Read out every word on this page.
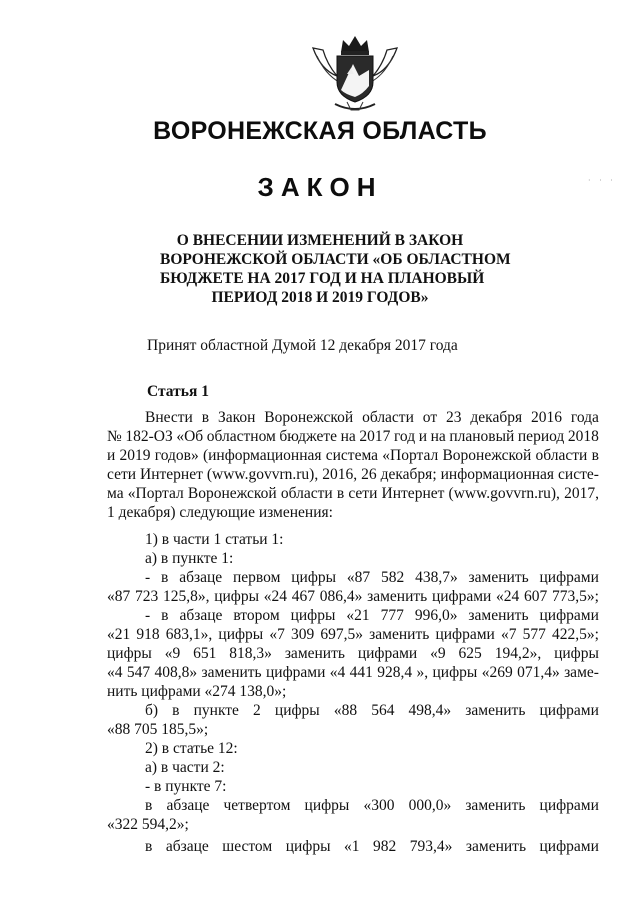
ВОРОНЕЖСКАЯ ОБЛАСТЬ
ЗАКОН	· · ·
О ВНЕСЕНИИ ИЗМЕНЕНИЙ В ЗАКОН
ВОРОНЕЖСКОЙ ОБЛАСТИ «ОБ ОБЛАСТНОМ
БЮДЖЕТЕ НА 2017 ГОД И НА ПЛАНОВЫЙ
ПЕРИОД 2018 И 2019 ГОДОВ»
Принят областной Думой 12 декабря 2017 года
Статья 1
Внести в Закон Воронежской области от 23 декабря 2016 года
№ 182-ОЗ «Об областном бюджете на 2017 год и на плановый период 2018
и 2019 годов» (информационная система «Портал Воронежской области в
сети Интернет (www.govvrn.ru), 2016, 26 декабря; информационная систе-
ма «Портал Воронежской области в сети Интернет (www.govvrn.ru), 2017,
1 декабря) следующие изменения:
1) в части 1 статьи 1:
а) в пункте 1:
- в абзаце первом цифры «87 582 438,7» заменить цифрами
«87 723 125,8», цифры «24 467 086,4» заменить цифрами «24 607 773,5»;
- в абзаце втором цифры «21 777 996,0» заменить цифрами
«21 918 683,1», цифры «7 309 697,5» заменить цифрами «7 577 422,5»;
цифры «9 651 818,3» заменить цифрами «9 625 194,2», цифры
«4 547 408,8» заменить цифрами «4 441 928,4 », цифры «269 071,4» заме-
нить цифрами «274 138,0»;
б) в пункте 2 цифры «88 564 498,4» заменить цифрами
«88 705 185,5»;
2) в статье 12:
а) в части 2:
- в пункте 7:
в абзаце четвертом цифры «300 000,0» заменить цифрами
«322 594,2»;
в абзаце шестом цифры «1 982 793,4» заменить цифрами
